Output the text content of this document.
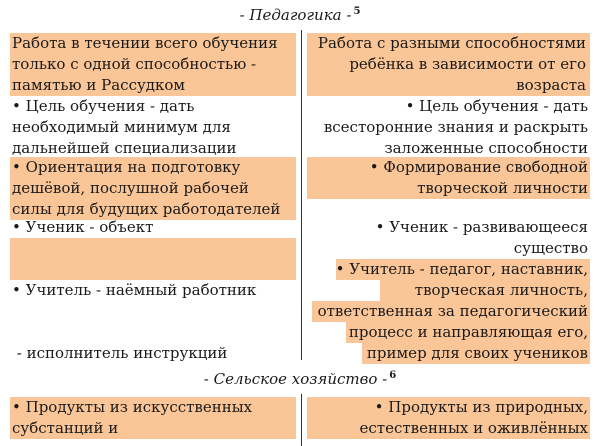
- Педагогика - $^5$
Работа в течении всего обучения
только с одной способностью -
памятью и Рассудком
• Цель обучения - дать
необходимый минимум для
дальнейшей специализации
• Ориентация на подготовку
дешёвой, послушной рабочей
силы для будущих работодателей
• Ученик - объект

• Учитель - наёмный работник

- исполнитель инструкций

Работа с разными способностями
ребёнка в зависимости от его
возраста
• Цель обучения - дать
всесторонние знания и раскрыть
заложенные способности
• Формирование свободной
творческой личности
• Ученик - развивающееся
существо
• Учитель - педагог, наставник,
творческая личность,
ответственная за педагогический
процесс и направляющая его,
пример для своих учеников
- Сельское хозяйство - $^6$
• Продукты из искусственных
субстанций и
• Продукты из природных,
естественных и оживлённых
